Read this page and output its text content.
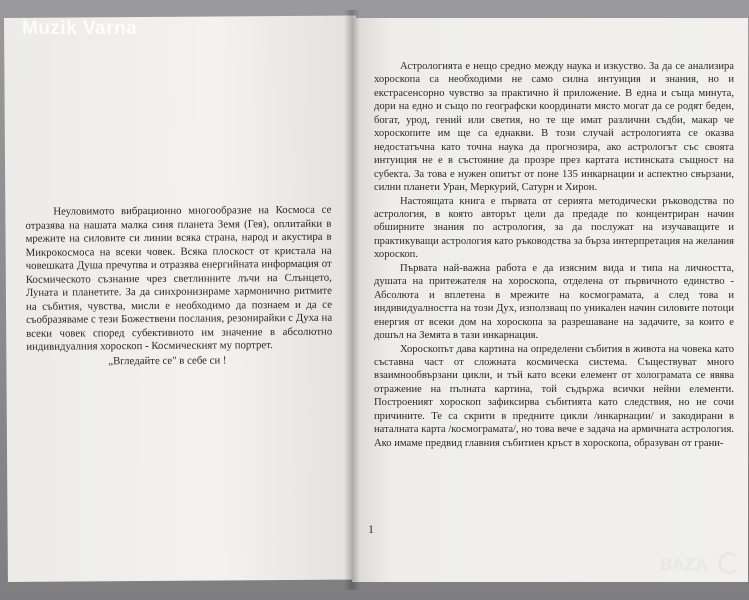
Неуловимото вибрационно многообразие на Космоса се отразява на нашата малка синя планета Земя (Гея), оплитайки в мрежите на силовите си линии всяка страна, народ и акустира в Микрокосмоса на всеки човек. Всяка плоскост от кристала на човешката Душа пречупва и отразява енергийната информация от Космическото съзнание чрез светлинните лъчи на Слънцето, Луната и планетите. За да синхронизираме хармонично ритмите на събития, чувства, мисли е необходимо да познаем и да се съобразяваме с тези Божествени послания, резонирайки с Духа на всеки човек според субективното им значение в абсолютно индивидуалния хороскоп - Космическият му портрет.

„Вгледайте се" в себе си !

Астрологията е нещо средно между наука и изкуство. За да се анализира хороскопа са необходими не само силна интуиция и знания, но и екстрасенсорно чувство за практично й приложение. В една и съща минута, дори на едно и също по географски координати място могат да се родят беден, богат, урод, гений или светия, но те ще имат различни съдби, макар че хороскопите им ще са еднакви. В този случай астрологията се оказва недостатъчна като точна наука да прогнозира, ако астрологът със своята интуиция не е в състояние да прозре през картата истинската същност на субекта. За това е нужен опитът от поне 135 инкарнации и аспектно свързани, силни планети Уран, Меркурий, Сатурн и Хирон.

Настоящата книга е първата от серията методически ръководства по астрология, в която авторът цели да предаде по концентриран начин обширните знания по астрология, за да послужат на изучаващите и практикуващи астрология като ръководства за бърза интерпретация на желания хороскоп.

Първата най-важна работа е да изясним вида и типа на личността, душата на притежателя на хороскопа, отделена от първичното единство - Абсолюта и вплетена в мрежите на космограмата, а след това и индивидуалността на този Дух, използващ по уникален начин силовите потоци енергия от всеки дом на хороскопа за разрешаване на задачите, за които е дошъл на Земята в тази инкарнация.

Хороскопът дава картина на определени събития в живота на човека като съставна част от сложната космическа система. Съществуват много взаимнообвързани цикли, и тъй като всеки елемент от холограмата се явява отражение на пълната картина, той съдържа всички нейни елементи. Построеният хороскоп зафиксирва събитията като следствия, но не сочи причините. Те са скрити в предните цикли /инкарнации/ и закодирани в наталната карта /космограмата/, но това вече е задача на армичната астрология. Ако имаме предвид главния събитиен кръст в хороскопа, образуван от грани-

1
Muzik Varna
BAZA
